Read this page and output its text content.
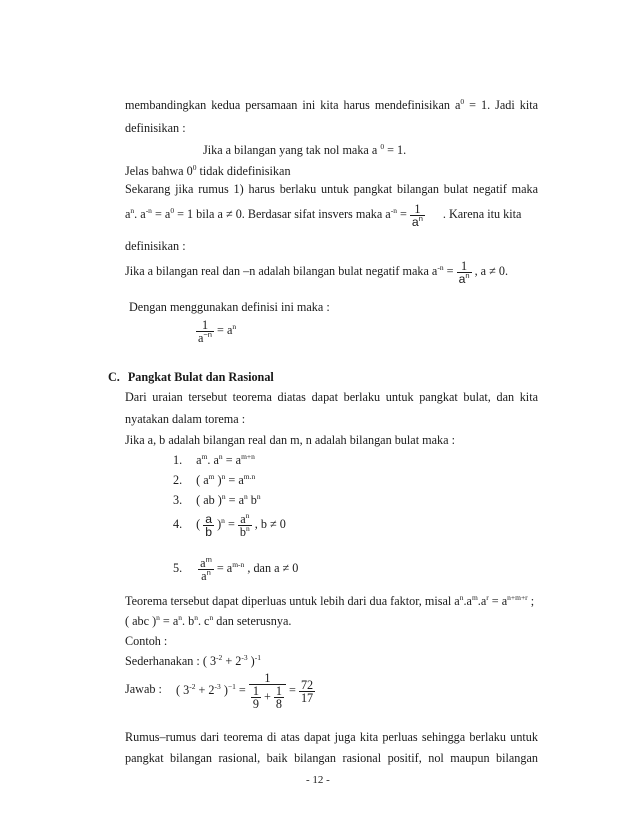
membandingkan kedua persamaan ini kita harus mendefinisikan $a^0 = 1$. Jadi kita
definisikan :
Jika a bilangan yang tak nol maka a $^0$ = 1.
Jelas bahwa $0^0$ tidak didefinisikan
Sekarang jika rumus 1) harus berlaku untuk pangkat bilangan bulat negatif maka
$a^n$. $a^{-n} = a^0 = 1$ bila a ≠ 0. Berdasar sifat insvers maka $a^{-n} = \frac{1}{a^n}$ . Karena itu kita
definisikan :
Jika a bilangan real dan –n adalah bilangan bulat negatif maka $a^{-n} = \frac{1}{a^n}$ , a ≠ 0.
Dengan menggunakan definisi ini maka :
$\frac{1}{a^{-n}} = a^n$
C. Pangkat Bulat dan Rasional
Dari uraian tersebut teorema diatas dapat berlaku untuk pangkat bulat, dan kita
nyatakan dalam torema :
Jika a, b adalah bilangan real dan m, n adalah bilangan bulat maka :
1. $a^m$. $a^n = a^{m+n}$
2. ( $a^m$ )$^n = a^{m.n}$
3. ( ab )$^n = a^n$ $b^n$
4. ( $\frac{a}{b} )^n = \frac{a^n}{b^n}$ , b ≠ 0
5. $\frac{a^m}{a^n} = a^{m-n}$ , dan a ≠ 0
Teorema tersebut dapat diperluas untuk lebih dari dua faktor, misal $a^n.a^m.a^r = a^{n+m+r}$ ;
( abc )$^n = a^n$. $b^n$. $c^n$ dan seterusnya.
Contoh :
Sederhanakan : ( $3^{-2} + 2^{-3}$ )$^{-1}$
Jawab : ( $3^{-2} + 2^{-3}$ )$^{-1} = \frac{1}{\frac{1}{9} + \frac{1}{8}} = \frac{72}{17}$
Rumus–rumus dari teorema di atas dapat juga kita perluas sehingga berlaku untuk
pangkat bilangan rasional, baik bilangan rasional positif, nol maupun bilangan
- 12 -
